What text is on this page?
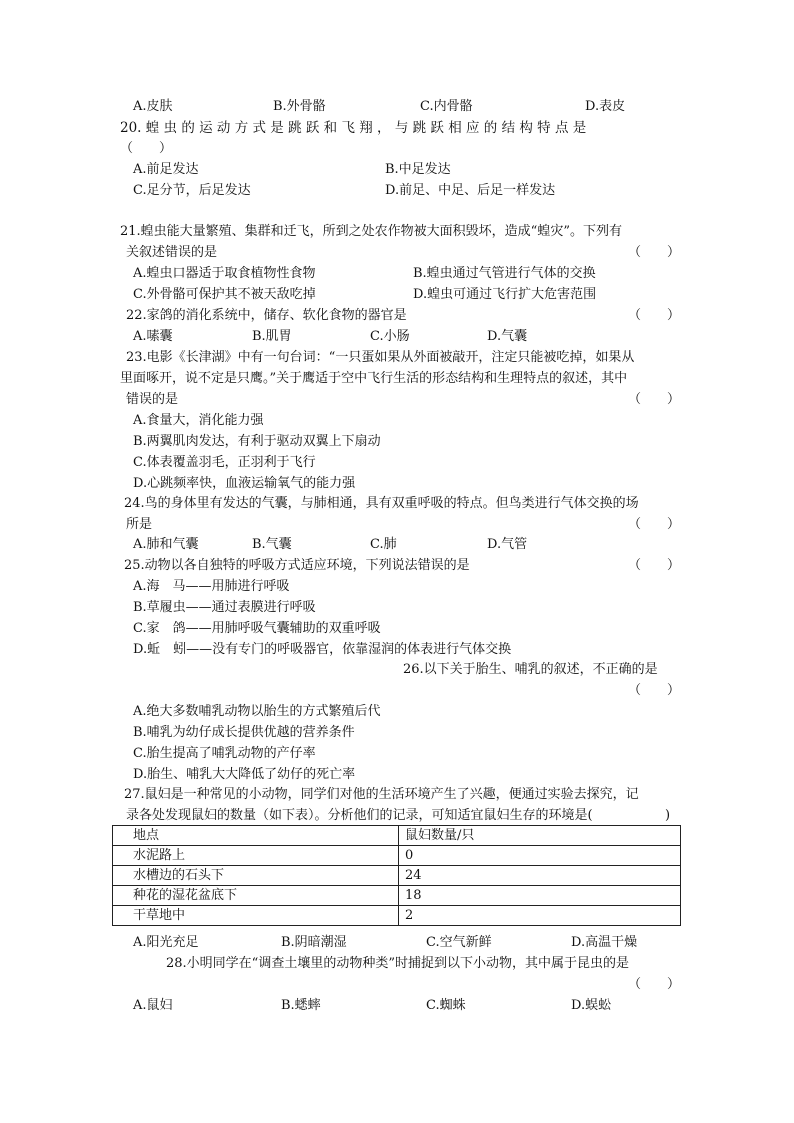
A.皮肤	B.外骨骼	C.内骨骼	D.表皮
20. 蝗 虫 的 运 动 方 式 是 跳 跃 和 飞 翔 ， 与 跳 跃 相 应 的 结 构 特 点 是
（　　）
A.前足发达	B.中足发达
C.足分节，后足发达	D.前足、中足、后足一样发达
21.蝗虫能大量繁殖、集群和迁飞，所到之处农作物被大面积毁坏，造成“蝗灾”。下列有
关叙述错误的是	（　　）
A.蝗虫口器适于取食植物性食物	B.蝗虫通过气管进行气体的交换
C.外骨骼可保护其不被天敌吃掉	D.蝗虫可通过飞行扩大危害范围
22.家鸽的消化系统中，储存、软化食物的器官是	（　　）
A.嗉囊	B.肌胃	C.小肠	D.气囊
23.电影《长津湖》中有一句台词：“一只蛋如果从外面被敲开，注定只能被吃掉，如果从
里面啄开，说不定是只鹰。”关于鹰适于空中飞行生活的形态结构和生理特点的叙述，其中
错误的是	（　　）
A.食量大，消化能力强
B.两翼肌肉发达，有利于驱动双翼上下扇动
C.体表覆盖羽毛，正羽利于飞行
D.心跳频率快，血液运输氧气的能力强
24.鸟的身体里有发达的气囊，与肺相通，具有双重呼吸的特点。但鸟类进行气体交换的场
所是	（　　）
A.肺和气囊	B.气囊	C.肺	D.气管
25.动物以各自独特的呼吸方式适应环境，下列说法错误的是	（　　）
A.海　马——用肺进行呼吸
B.草履虫——通过表膜进行呼吸
C.家　鸽——用肺呼吸气囊辅助的双重呼吸
D.蚯　蚓——没有专门的呼吸器官，依靠湿润的体表进行气体交换
26.以下关于胎生、哺乳的叙述，不正确的是
（　　）
A.绝大多数哺乳动物以胎生的方式繁殖后代
B.哺乳为幼仔成长提供优越的营养条件
C.胎生提高了哺乳动物的产仔率
D.胎生、哺乳大大降低了幼仔的死亡率
27.鼠妇是一种常见的小动物，同学们对他的生活环境产生了兴趣，便通过实验去探究，记
录各处发现鼠妇的数量（如下表）。分析他们的记录，可知适宜鼠妇生存的环境是(	)
地点	鼠妇数量/只
水泥路上	0
水槽边的石头下	24
种花的湿花盆底下	18
干草地中	2
A.阳光充足	B.阴暗潮湿	C.空气新鲜	D.高温干燥
28.小明同学在“调查土壤里的动物种类”时捕捉到以下小动物，其中属于昆虫的是
（　　）
A.鼠妇	B.蟋蟀	C.蜘蛛	D.蜈蚣
